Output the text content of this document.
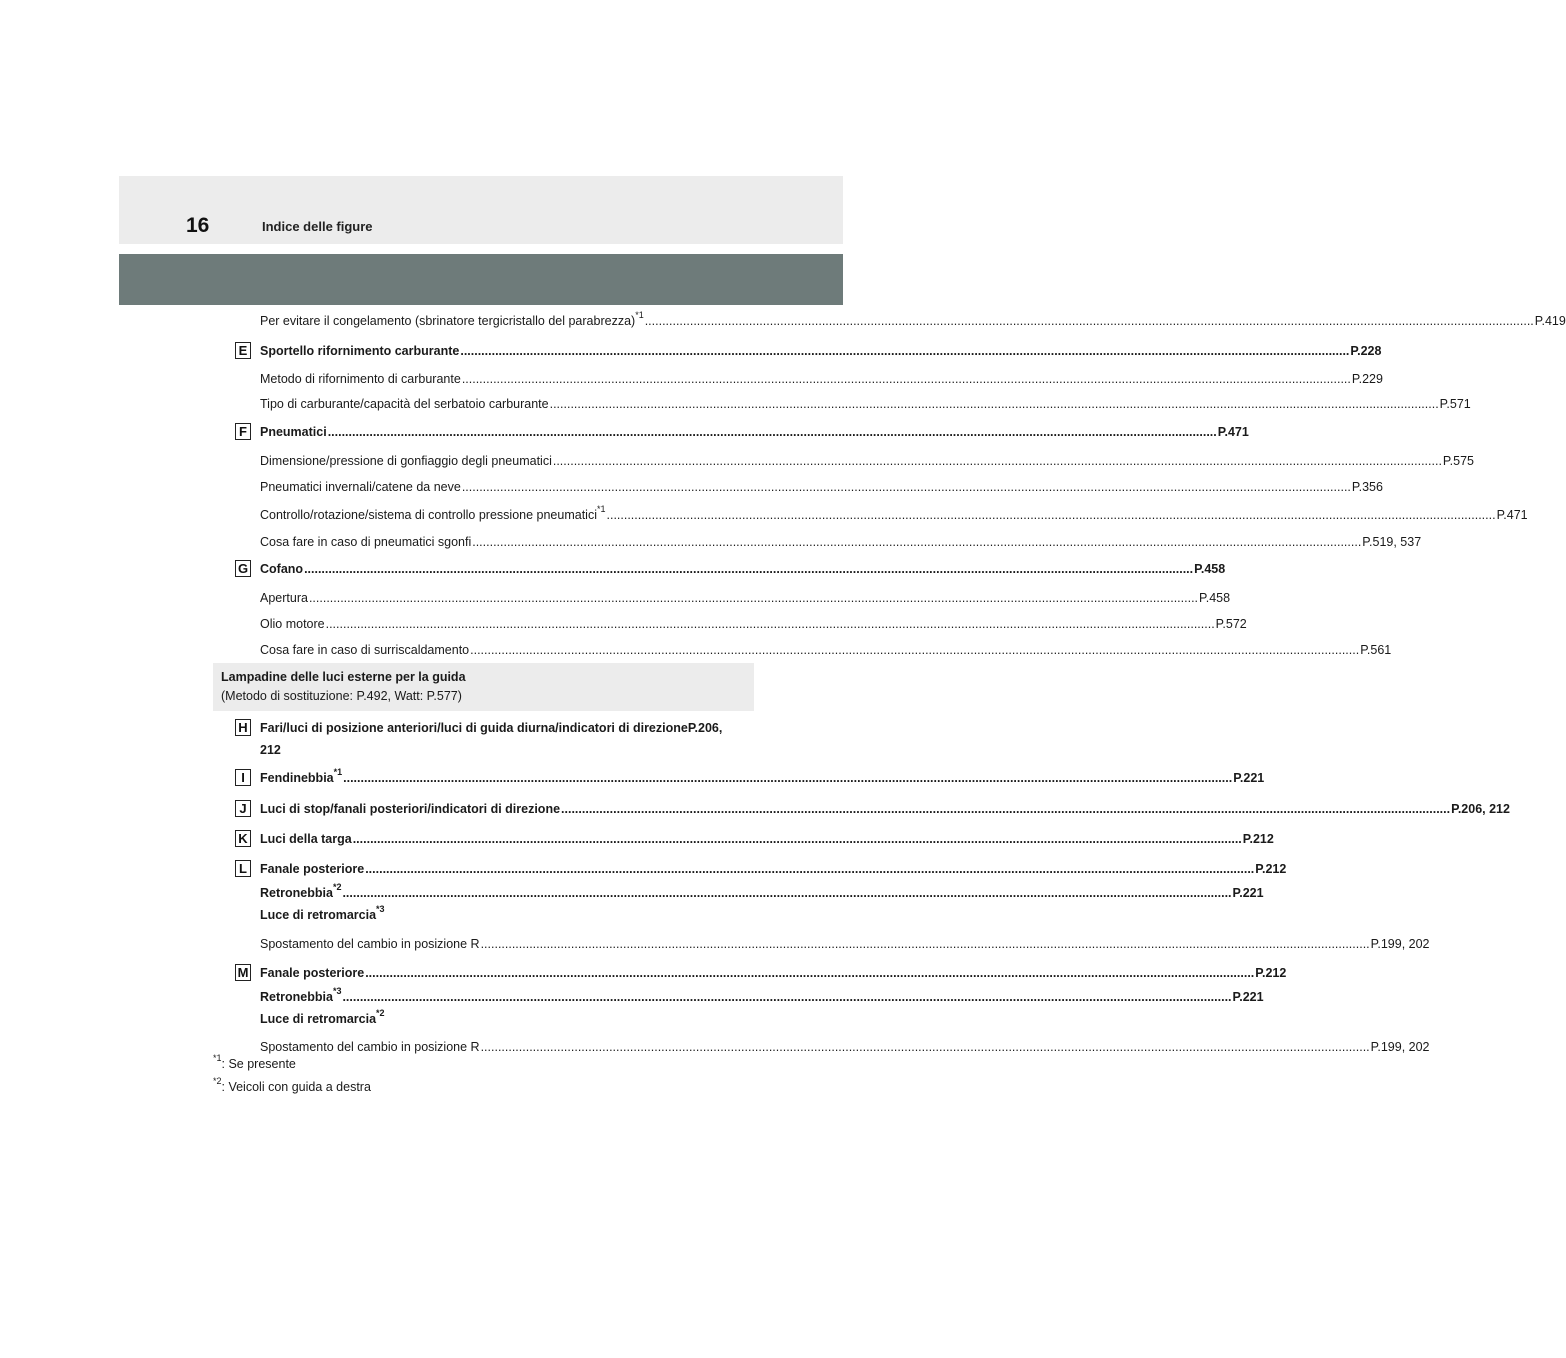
16	Indice delle figure
Per evitare il congelamento (sbrinatore tergicristallo del parabrezza)$^{*1}$ ................................................................................................................................................................................................................................................................ P.419
E Sportello rifornimento carburante ................................................................................................................................................................................................................................................................ P.228
Metodo di rifornimento di carburante ................................................................................................................................................................................................................................................................ P.229
Tipo di carburante/capacità del serbatoio carburante ................................................................................................................................................................................................................................................................ P.571
F	Pneumatici ................................................................................................................................................................................................................................................................ P.471
Dimensione/pressione di gonfiaggio degli pneumatici ................................................................................................................................................................................................................................................................ P.575
Pneumatici invernali/catene da neve ................................................................................................................................................................................................................................................................ P.356
Controllo/rotazione/sistema di controllo pressione pneumatici$^{*1}$ ................................................................................................................................................................................................................................................................ P.471
Cosa fare in caso di pneumatici sgonfi ................................................................................................................................................................................................................................................................ P.519, 537
G Cofano ................................................................................................................................................................................................................................................................ P.458
Apertura ................................................................................................................................................................................................................................................................ P.458
Olio motore ................................................................................................................................................................................................................................................................ P.572
Cosa fare in caso di surriscaldamento ................................................................................................................................................................................................................................................................ P.561
Lampadine delle luci esterne per la guida
(Metodo di sostituzione: P.492, Watt: P.577)
H Fari/luci di posizione anteriori/luci di guida diurna/indicatori di direzioneP.206,
212
I	Fendinebbia$^{*1}$ ................................................................................................................................................................................................................................................................ P.221
J	Luci di stop/fanali posteriori/indicatori di direzione ................................................................................................................................................................................................................................................................ P.206, 212
K Luci della targa ................................................................................................................................................................................................................................................................ P.212
L	Fanale posteriore ................................................................................................................................................................................................................................................................ P.212
Retronebbia$^{*2}$ ................................................................................................................................................................................................................................................................ P.221
Luce di retromarcia$^{*3}$
Spostamento del cambio in posizione R ................................................................................................................................................................................................................................................................ P.199, 202
M Fanale posteriore ................................................................................................................................................................................................................................................................ P.212
Retronebbia$^{*3}$ ................................................................................................................................................................................................................................................................ P.221
Luce di retromarcia$^{*2}$
Spostamento del cambio in posizione R ................................................................................................................................................................................................................................................................ P.199, 202
$^{*1}$: Se presente
$^{*2}$: Veicoli con guida a destra
